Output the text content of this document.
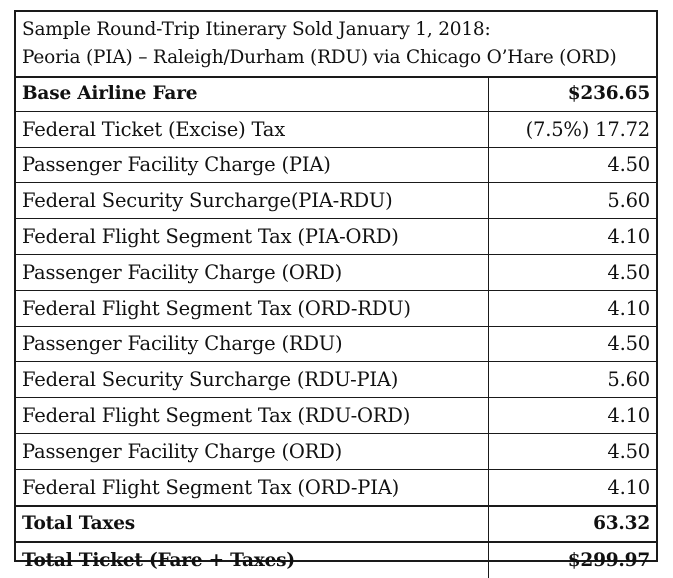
Sample Round-Trip Itinerary Sold January 1, 2018:
Peoria (PIA) – Raleigh/Durham (RDU) via Chicago O’Hare (ORD)
Base Airline Fare	$236.65
Federal Ticket (Excise) Tax	(7.5%) 17.72
Passenger Facility Charge (PIA)	4.50
Federal Security Surcharge(PIA-RDU)	5.60
Federal Flight Segment Tax (PIA-ORD)	4.10
Passenger Facility Charge (ORD)	4.50
Federal Flight Segment Tax (ORD-RDU)	4.10
Passenger Facility Charge (RDU)	4.50
Federal Security Surcharge (RDU-PIA)	5.60
Federal Flight Segment Tax (RDU-ORD)	4.10
Passenger Facility Charge (ORD)	4.50
Federal Flight Segment Tax (ORD-PIA)	4.10
Total Taxes	63.32
Total Ticket (Fare + Taxes)	$299.97
